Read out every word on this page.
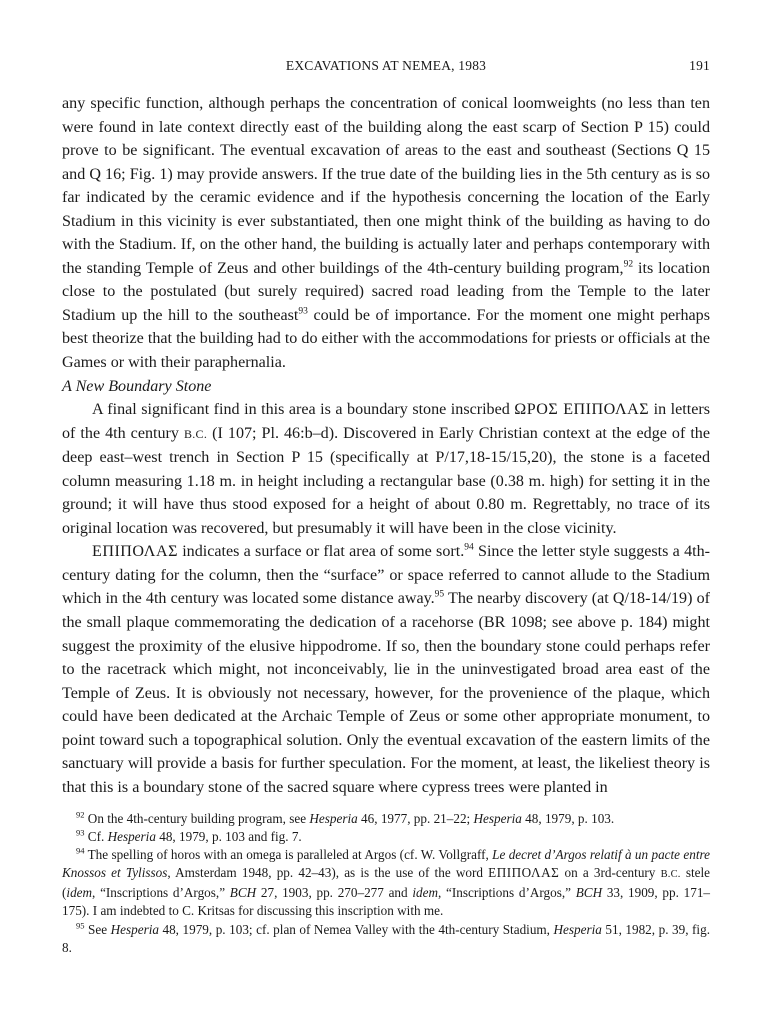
EXCAVATIONS AT NEMEA, 1983	191

any specific function, although perhaps the concentration of conical loomweights (no less than ten were found in late context directly east of the building along the east scarp of Section P 15) could prove to be significant. The eventual excavation of areas to the east and southeast (Sections Q 15 and Q 16; Fig. 1) may provide answers. If the true date of the building lies in the 5th century as is so far indicated by the ceramic evidence and if the hypothesis concerning the location of the Early Stadium in this vicinity is ever substantiated, then one might think of the building as having to do with the Stadium. If, on the other hand, the building is actually later and perhaps contemporary with the standing Temple of Zeus and other buildings of the 4th-century building program,$^{92}$ its location close to the postulated (but surely required) sacred road leading from the Temple to the later Stadium up the hill to the southeast$^{93}$ could be of importance. For the moment one might perhaps best theorize that the building had to do either with the accommodations for priests or officials at the Games or with their paraphernalia.

A New Boundary Stone

A final significant find in this area is a boundary stone inscribed ΩΡΟΣ ΕΠΙΠΟΛΑΣ in letters of the 4th century B.C. (I 107; Pl. 46:b–d). Discovered in Early Christian context at the edge of the deep east–west trench in Section P 15 (specifically at P/17,18-15/15,20), the stone is a faceted column measuring 1.18 m. in height including a rectangular base (0.38 m. high) for setting it in the ground; it will have thus stood exposed for a height of about 0.80 m. Regrettably, no trace of its original location was recovered, but presumably it will have been in the close vicinity.

ΕΠΙΠΟΛΑΣ indicates a surface or flat area of some sort.$^{94}$ Since the letter style suggests a 4th-century dating for the column, then the “surface” or space referred to cannot allude to the Stadium which in the 4th century was located some distance away.$^{95}$ The nearby discovery (at Q/18-14/19) of the small plaque commemorating the dedication of a racehorse (BR 1098; see above p. 184) might suggest the proximity of the elusive hippodrome. If so, then the boundary stone could perhaps refer to the racetrack which might, not inconceivably, lie in the uninvestigated broad area east of the Temple of Zeus. It is obviously not necessary, however, for the provenience of the plaque, which could have been dedicated at the Archaic Temple of Zeus or some other appropriate monument, to point toward such a topographical solution. Only the eventual excavation of the eastern limits of the sanctuary will provide a basis for further speculation. For the moment, at least, the likeliest theory is that this is a boundary stone of the sacred square where cypress trees were planted in

$^{92}$ On the 4th-century building program, see Hesperia 46, 1977, pp. 21–22; Hesperia 48, 1979, p. 103.

$^{93}$ Cf. Hesperia 48, 1979, p. 103 and fig. 7.

$^{94}$ The spelling of horos with an omega is paralleled at Argos (cf. W. Vollgraff, Le decret d’Argos relatif à un pacte entre Knossos et Tylissos, Amsterdam 1948, pp. 42–43), as is the use of the word ΕΠΙΠΟΛΑΣ on a 3rd-century B.C. stele (idem, “Inscriptions d’Argos,” BCH 27, 1903, pp. 270–277 and idem, “Inscriptions d’Argos,” BCH 33, 1909, pp. 171–175). I am indebted to C. Kritsas for discussing this inscription with me.

$^{95}$ See Hesperia 48, 1979, p. 103; cf. plan of Nemea Valley with the 4th-century Stadium, Hesperia 51, 1982, p. 39, fig. 8.
